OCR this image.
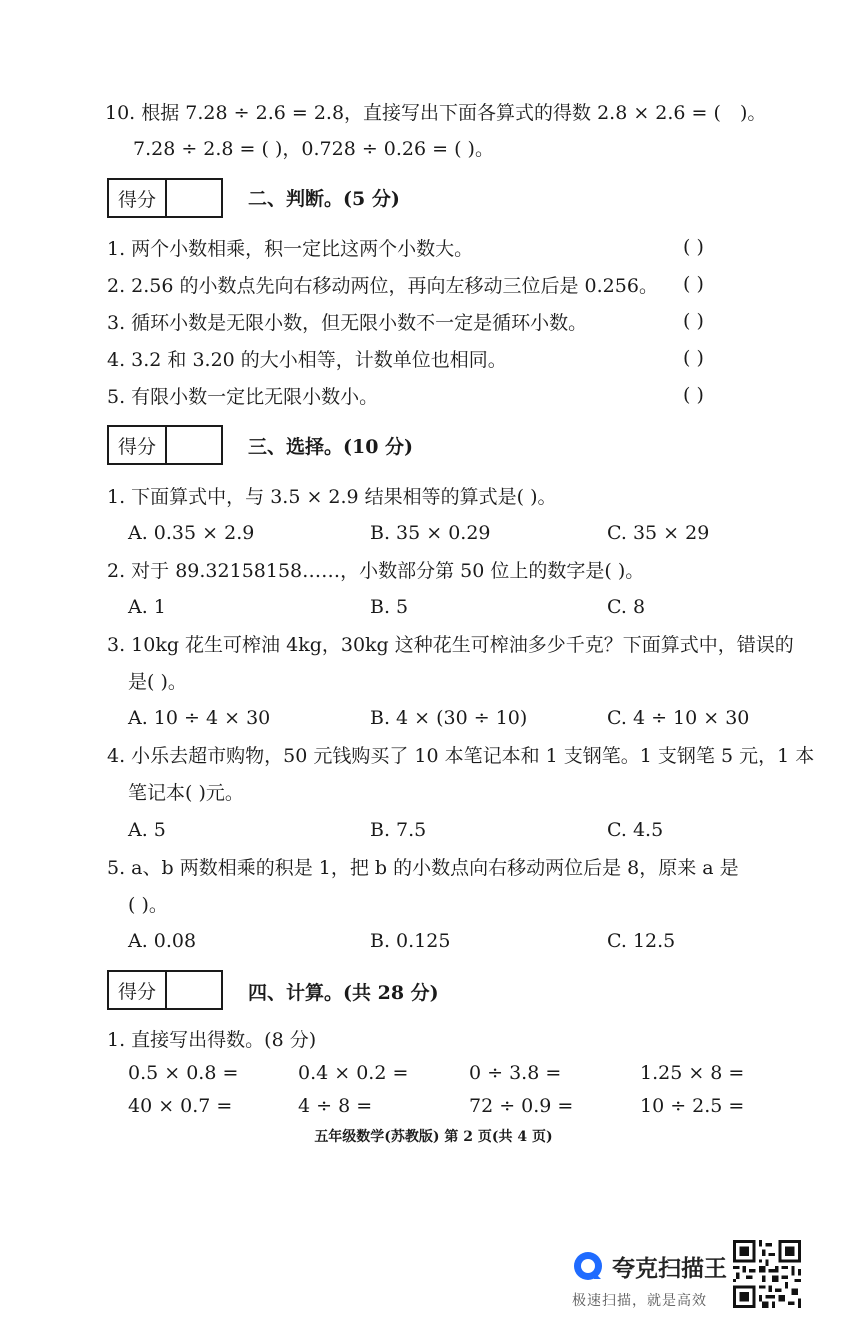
10. 根据 7.28 ÷ 2.6 = 2.8，直接写出下面各算式的得数 2.8 × 2.6 = ( )。
7.28 ÷ 2.8 = ( )，0.728 ÷ 0.26 = ( )。
得分	二、判断。(5 分)
1. 两个小数相乘，积一定比这两个小数大。	( )
2. 2.56 的小数点先向右移动两位，再向左移动三位后是 0.256。 ( )
3. 循环小数是无限小数，但无限小数不一定是循环小数。	( )
4. 3.2 和 3.20 的大小相等，计数单位也相同。	( )
5. 有限小数一定比无限小数小。	( )
得分	三、选择。(10 分)
1. 下面算式中，与 3.5 × 2.9 结果相等的算式是( )。
A. 0.35 × 2.9	B. 35 × 0.29	C. 35 × 29
2. 对于 89.32158158……，小数部分第 50 位上的数字是( )。
A. 1	B. 5	C. 8
3. 10kg 花生可榨油 4kg，30kg 这种花生可榨油多少千克？下面算式中，错误的
是( )。
A. 10 ÷ 4 × 30	B. 4 × (30 ÷ 10)	C. 4 ÷ 10 × 30
4. 小乐去超市购物，50 元钱购买了 10 本笔记本和 1 支钢笔。1 支钢笔 5 元，1 本
笔记本( )元。
A. 5	B. 7.5	C. 4.5
5. a、b 两数相乘的积是 1，把 b 的小数点向右移动两位后是 8，原来 a 是
( )。
A. 0.08	B. 0.125	C. 12.5
得分	四、计算。(共 28 分)
1. 直接写出得数。(8 分)
0.5 × 0.8 =	0.4 × 0.2 =	0 ÷ 3.8 =	1.25 × 8 =
40 × 0.7 =	4 ÷ 8 =	72 ÷ 0.9 =	10 ÷ 2.5 =
五年级数学(苏教版) 第 2 页(共 4 页)
夸克扫描王
极速扫描，就是高效
